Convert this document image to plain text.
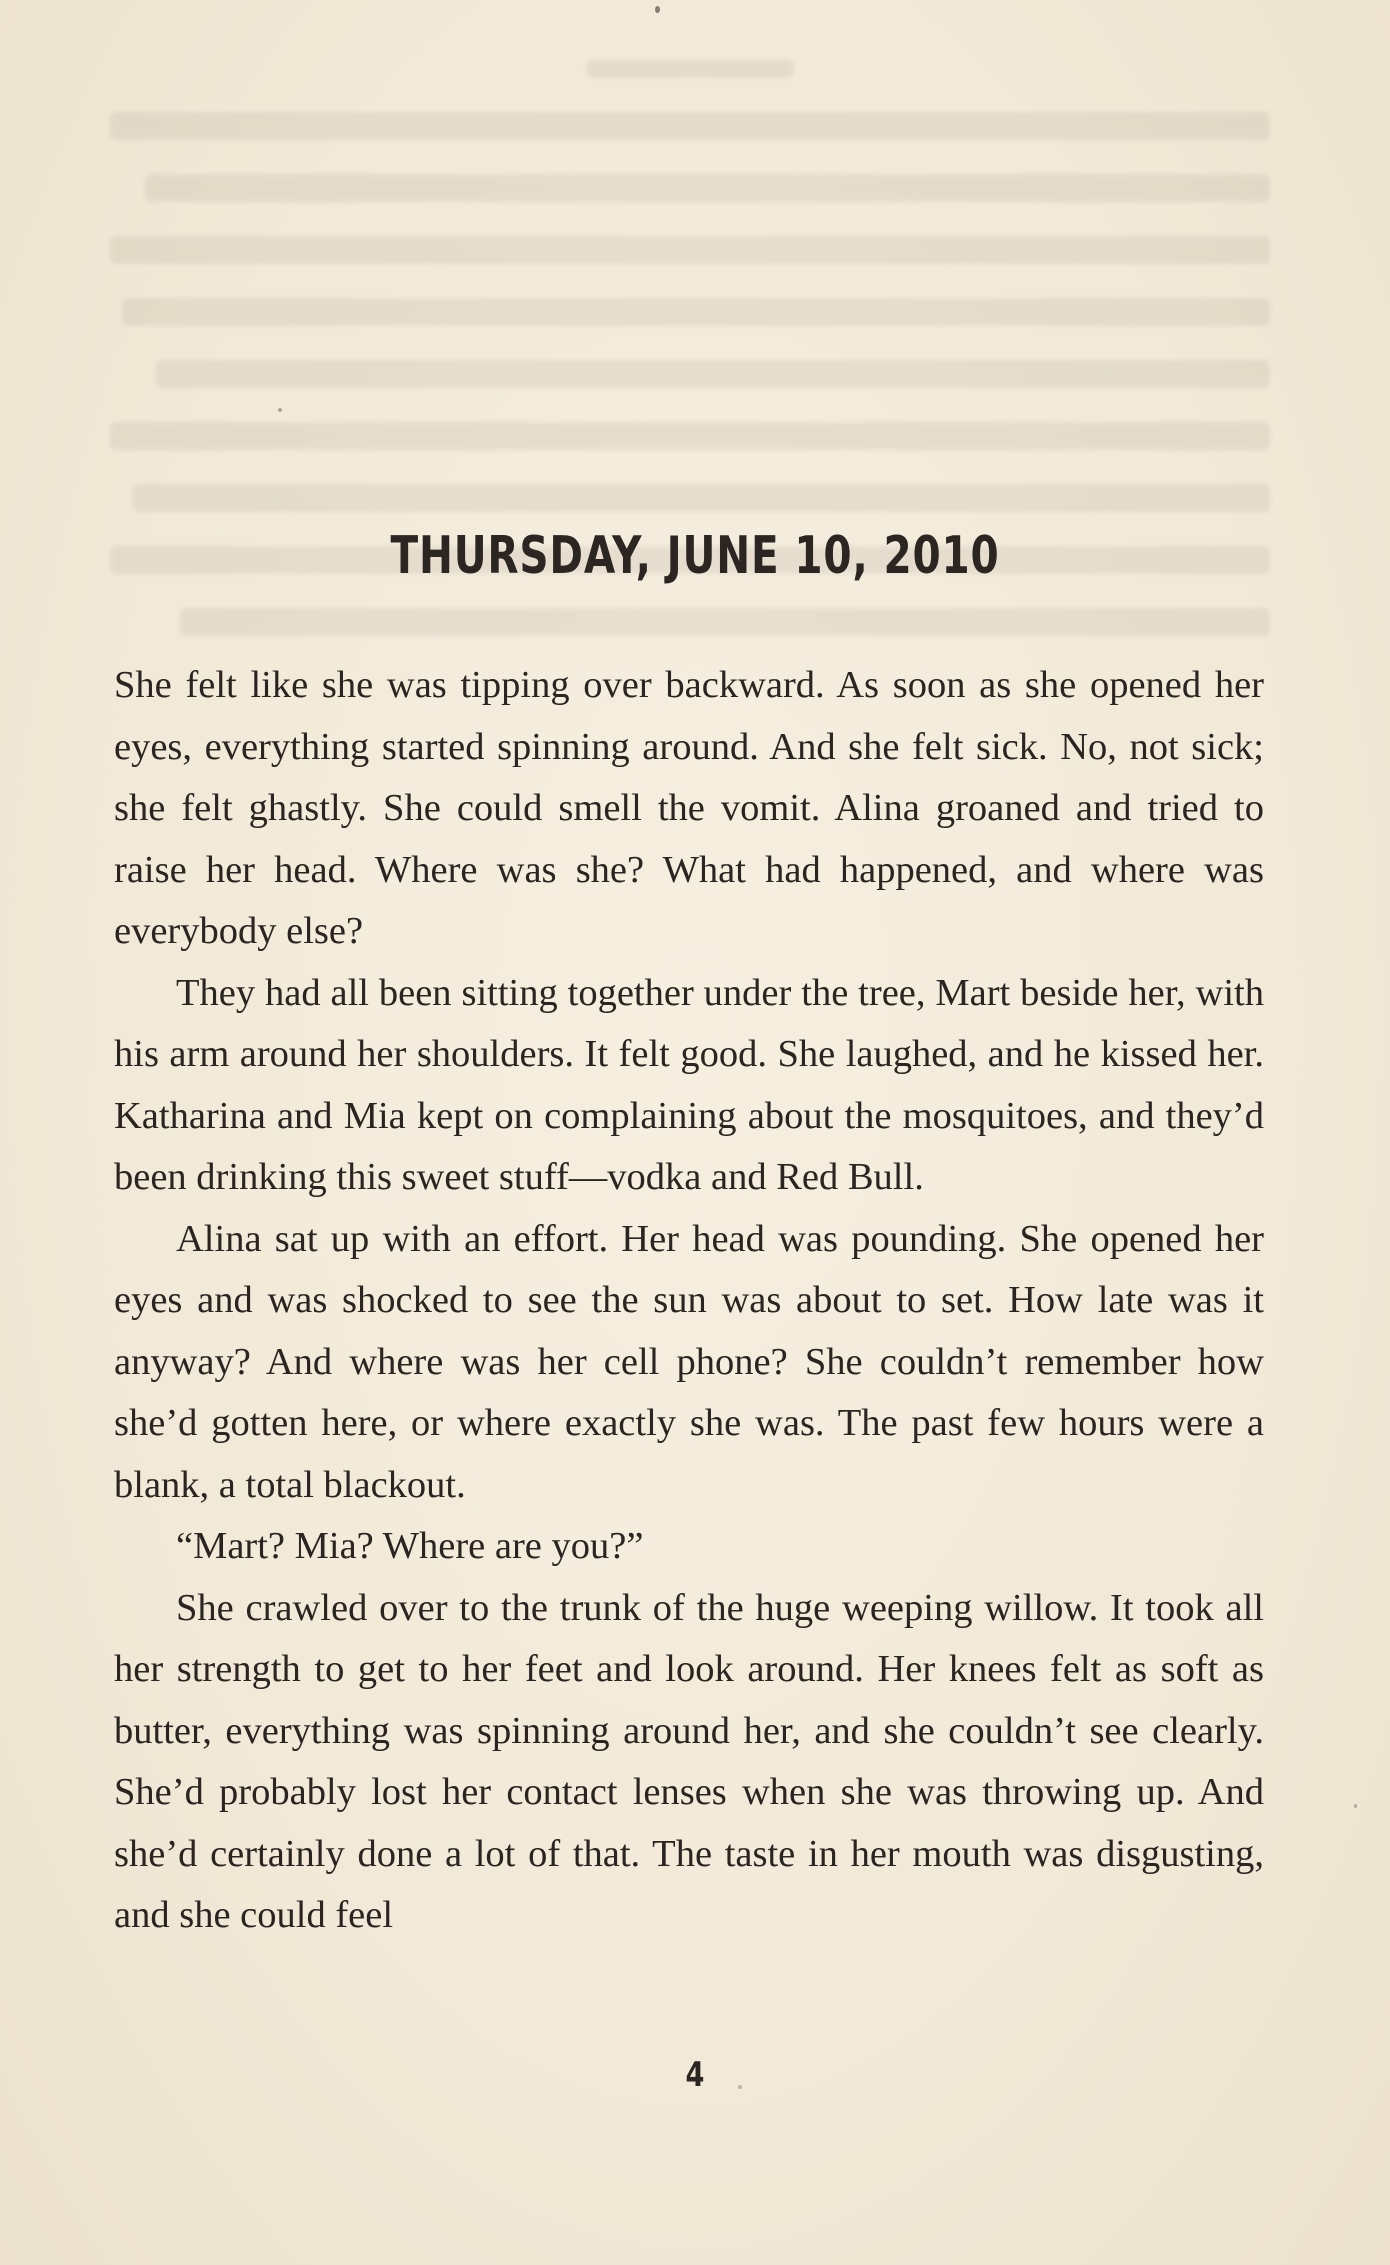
THURSDAY, JUNE 10, 2010

She felt like she was tipping over backward. As soon as she opened her eyes, everything started spinning around. And she felt sick. No, not sick; she felt ghastly. She could smell the vomit. Alina groaned and tried to raise her head. Where was she? What had happened, and where was everybody else?

They had all been sitting together under the tree, Mart beside her, with his arm around her shoulders. It felt good. She laughed, and he kissed her. Katharina and Mia kept on complaining about the mosquitoes, and they’d been drinking this sweet stuff—vodka and Red Bull.

Alina sat up with an effort. Her head was pounding. She opened her eyes and was shocked to see the sun was about to set. How late was it anyway? And where was her cell phone? She couldn’t remember how she’d gotten here, or where exactly she was. The past few hours were a blank, a total blackout.

“Mart? Mia? Where are you?”

She crawled over to the trunk of the huge weeping willow. It took all her strength to get to her feet and look around. Her knees felt as soft as butter, everything was spinning around her, and she couldn’t see clearly. She’d probably lost her contact lenses when she was throwing up. And she’d certainly done a lot of that. The taste in her mouth was disgusting, and she could feel

4
